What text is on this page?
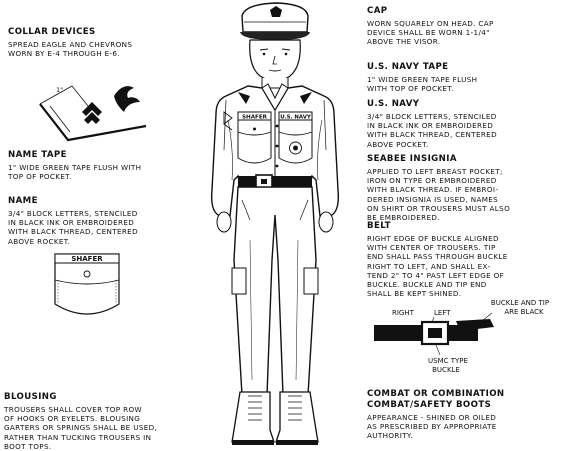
COLLAR DEVICES

SPREAD EAGLE AND CHEVRONS
WORN BY E-4 THROUGH E-6.

1"

NAME TAPE

1" WIDE GREEN TAPE FLUSH WITH
TOP OF POCKET.

NAME

3/4" BLOCK LETTERS, STENCILED
IN BLACK INK OR EMBROIDERED
WITH BLACK THREAD, CENTERED
ABOVE ROCKET.

SHAFER

BLOUSING

TROUSERS SHALL COVER TOP ROW
OF HOOKS OR EYELETS. BLOUSING
GARTERS OR SPRINGS SHALL BE USED,
RATHER THAN TUCKING TROUSERS IN
BOOT TOPS.

SHAFER U.S. NAVY

CAP

WORN SQUARELY ON HEAD. CAP
DEVICE SHALL BE WORN 1-1/4"
ABOVE THE VISOR.

U.S. NAVY TAPE

1" WIDE GREEN TAPE FLUSH
WITH TOP OF POCKET.

U.S. NAVY

3/4" BLOCK LETTERS, STENCILED
IN BLACK INK OR EMBROIDERED
WITH BLACK THREAD, CENTERED
ABOVE POCKET.

SEABEE INSIGNIA

APPLIED TO LEFT BREAST POCKET;
IRON ON TYPE OR EMBROIDERED
WITH BLACK THREAD. IF EMBROI-
DERED INSIGNIA IS USED, NAMES
ON SHIRT OR TROUSERS MUST ALSO
BE EMBROIDERED.

BELT

RIGHT EDGE OF BUCKLE ALIGNED
WITH CENTER OF TROUSERS. TIP
END SHALL PASS THROUGH BUCKLE
RIGHT TO LEFT, AND SHALL EX-
TEND 2" TO 4" PAST LEFT EDGE OF
BUCKLE. BUCKLE AND TIP END
SHALL BE KEPT SHINED.

RIGHT	LEFT
BUCKLE AND TIP
ARE BLACK
USMC TYPE
BUCKLE

COMBAT OR COMBINATION
COMBAT/SAFETY BOOTS

APPEARANCE - SHINED OR OILED
AS PRESCRIBED BY APPROPRIATE
AUTHORITY.
